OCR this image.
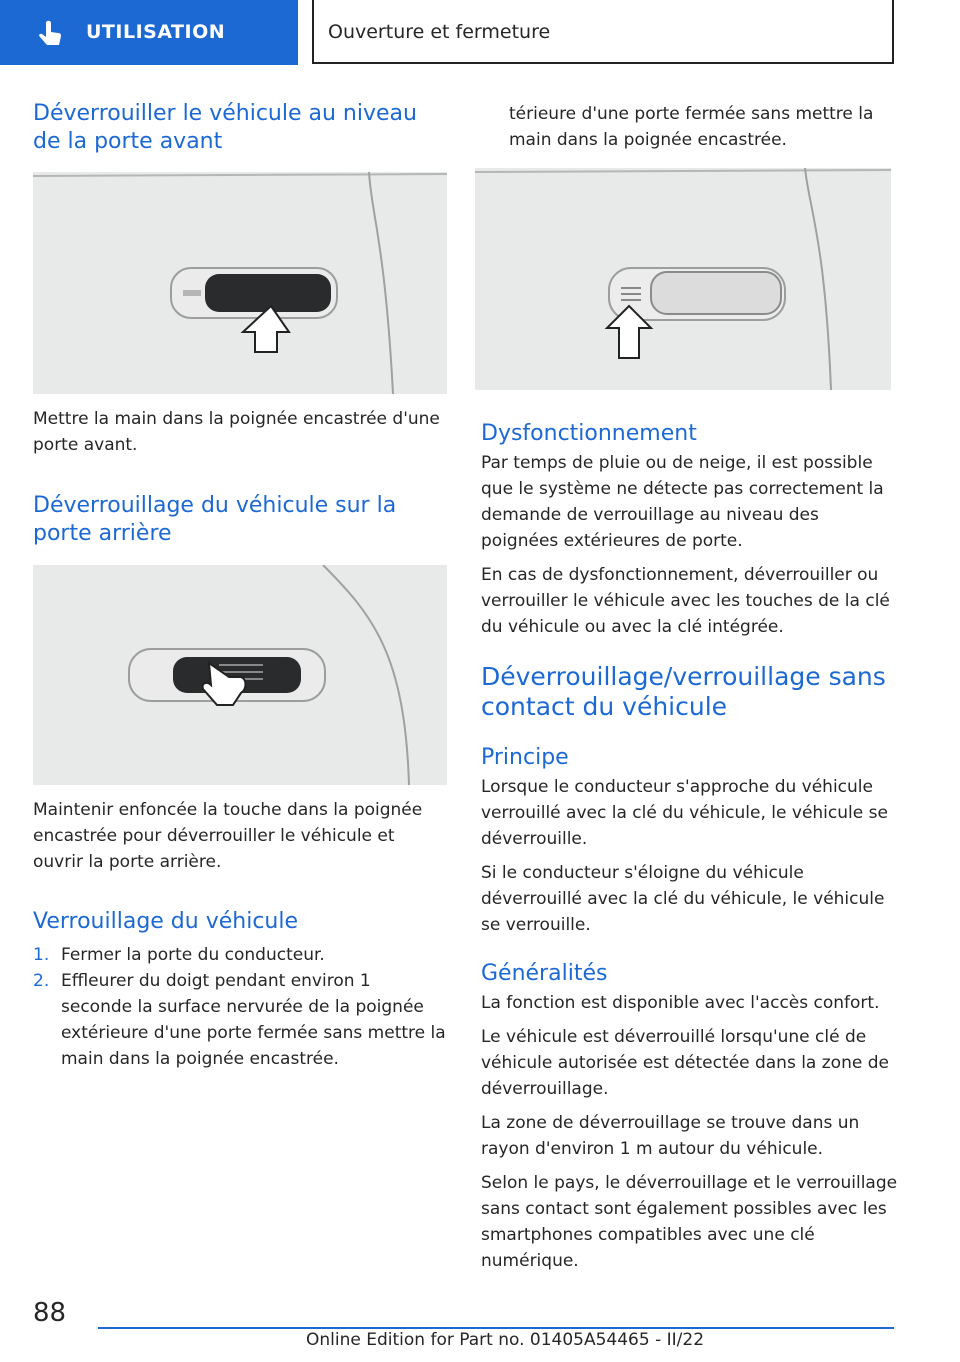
UTILISATION	Ouverture et fermeture
Déverrouiller le véhicule au niveau de la porte avant

Mettre la main dans la poignée encastrée d'une porte avant.

Déverrouillage du véhicule sur la porte arrière

Maintenir enfoncée la touche dans la poignée encastrée pour déverrouiller le véhicule et ouvrir la porte arrière.

Verrouillage du véhicule
1. Fermer la porte du conducteur.
2. Effleurer du doigt pendant environ 1 seconde la surface nervurée de la poignée extérieure d'une porte fermée sans mettre la main dans la poignée encastrée.

térieure d'une porte fermée sans mettre la main dans la poignée encastrée.

Dysfonctionnement

Par temps de pluie ou de neige, il est possible que le système ne détecte pas correctement la demande de verrouillage au niveau des poignées extérieures de porte.

En cas de dysfonctionnement, déverrouiller ou verrouiller le véhicule avec les touches de la clé du véhicule ou avec la clé intégrée.

Déverrouillage/verrouillage sans contact du véhicule
Principe

Lorsque le conducteur s'approche du véhicule verrouillé avec la clé du véhicule, le véhicule se déverrouille.

Si le conducteur s'éloigne du véhicule déverrouillé avec la clé du véhicule, le véhicule se verrouille.

Généralités

La fonction est disponible avec l'accès confort.

Le véhicule est déverrouillé lorsqu'une clé de véhicule autorisée est détectée dans la zone de déverrouillage.

La zone de déverrouillage se trouve dans un rayon d'environ 1 m autour du véhicule.

Selon le pays, le déverrouillage et le verrouillage sans contact sont également possibles avec les smartphones compatibles avec une clé numérique.

88
Online Edition for Part no. 01405A54465 - II/22
